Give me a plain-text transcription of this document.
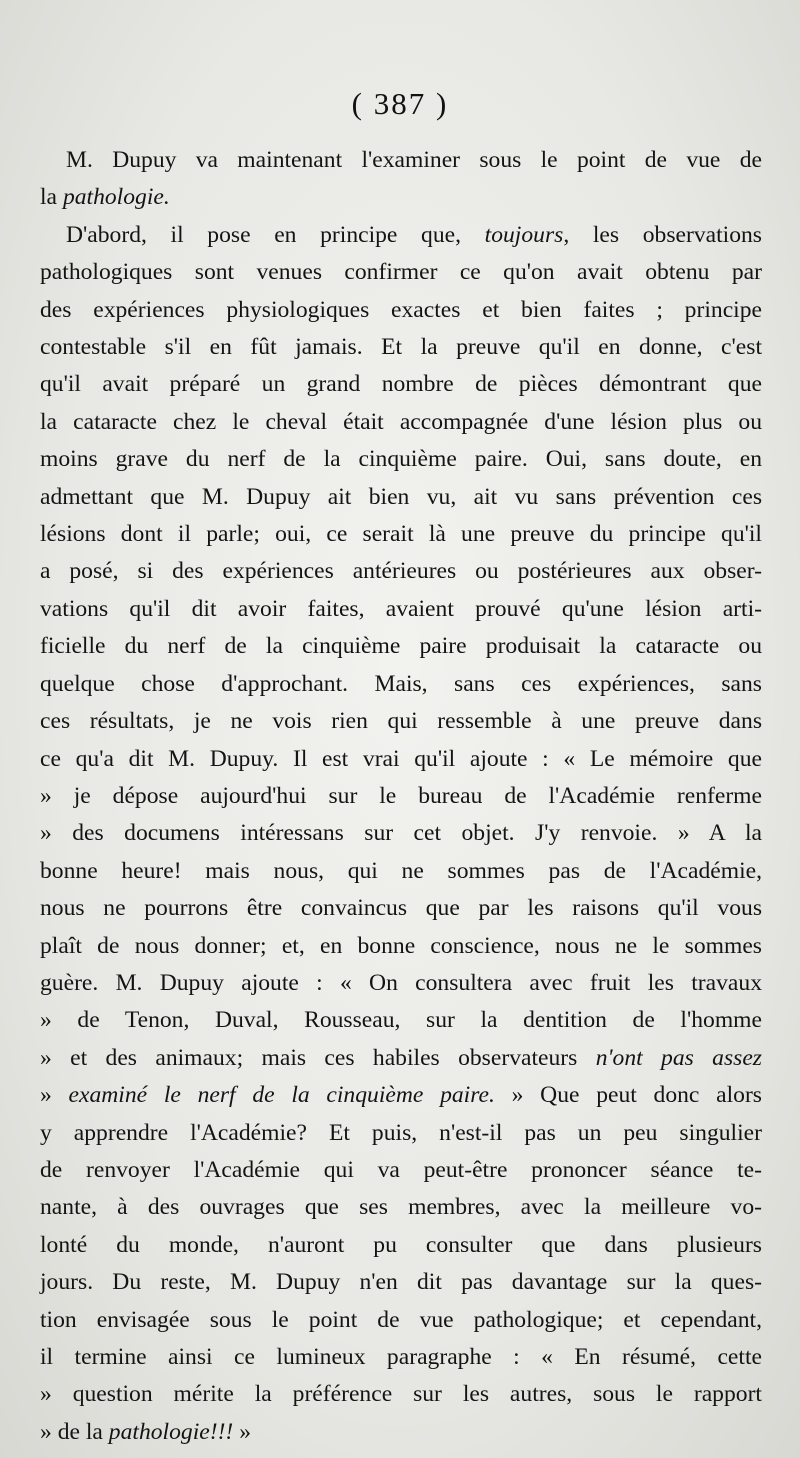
( 387 )

M. Dupuy va maintenant l'examiner sous le point de vue de
la pathologie.

D'abord, il pose en principe que, toujours, les observations
pathologiques sont venues confirmer ce qu'on avait obtenu par
des expériences physiologiques exactes et bien faites ; principe
contestable s'il en fût jamais. Et la preuve qu'il en donne, c'est
qu'il avait préparé un grand nombre de pièces démontrant que
la cataracte chez le cheval était accompagnée d'une lésion plus ou
moins grave du nerf de la cinquième paire. Oui, sans doute, en
admettant que M. Dupuy ait bien vu, ait vu sans prévention ces
lésions dont il parle; oui, ce serait là une preuve du principe qu'il
a posé, si des expériences antérieures ou postérieures aux obser-
vations qu'il dit avoir faites, avaient prouvé qu'une lésion arti-
ficielle du nerf de la cinquième paire produisait la cataracte ou
quelque chose d'approchant. Mais, sans ces expériences, sans
ces résultats, je ne vois rien qui ressemble à une preuve dans
ce qu'a dit M. Dupuy. Il est vrai qu'il ajoute : « Le mémoire que
» je dépose aujourd'hui sur le bureau de l'Académie renferme
» des documens intéressans sur cet objet. J'y renvoie. » A la
bonne heure! mais nous, qui ne sommes pas de l'Académie,
nous ne pourrons être convaincus que par les raisons qu'il vous
plaît de nous donner; et, en bonne conscience, nous ne le sommes
guère. M. Dupuy ajoute : « On consultera avec fruit les travaux
» de Tenon, Duval, Rousseau, sur la dentition de l'homme
» et des animaux; mais ces habiles observateurs n'ont pas assez
» examiné le nerf de la cinquième paire. » Que peut donc alors
y apprendre l'Académie? Et puis, n'est-il pas un peu singulier
de renvoyer l'Académie qui va peut-être prononcer séance te-
nante, à des ouvrages que ses membres, avec la meilleure vo-
lonté du monde, n'auront pu consulter que dans plusieurs
jours. Du reste, M. Dupuy n'en dit pas davantage sur la ques-
tion envisagée sous le point de vue pathologique; et cependant,
il termine ainsi ce lumineux paragraphe : « En résumé, cette
» question mérite la préférence sur les autres, sous le rapport
» de la pathologie!!! »
